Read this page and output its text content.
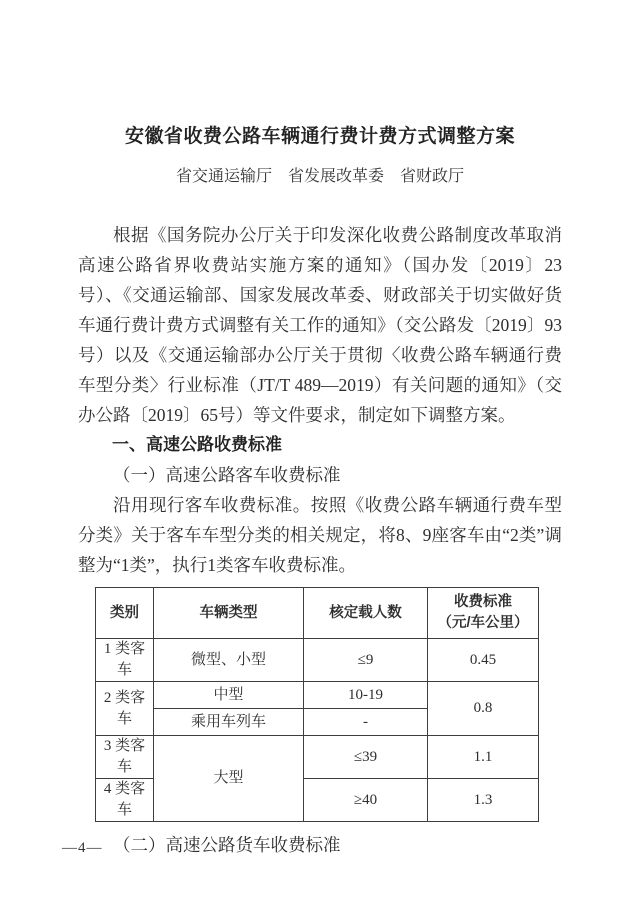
安徽省收费公路车辆通行费计费方式调整方案
省交通运输厅　省发展改革委　省财政厅

根据《国务院办公厅关于印发深化收费公路制度改革取消高速公路省界收费站实施方案的通知》（国办发〔2019〕23号）、《交通运输部、国家发展改革委、财政部关于切实做好货车通行费计费方式调整有关工作的通知》（交公路发〔2019〕93号）以及《交通运输部办公厅关于贯彻〈收费公路车辆通行费车型分类〉行业标准（JT/T 489—2019）有关问题的通知》（交办公路〔2019〕65号）等文件要求，制定如下调整方案。

一、高速公路收费标准

（一）高速公路客车收费标准

沿用现行客车收费标准。按照《收费公路车辆通行费车型分类》关于客车车型分类的相关规定，将8、9座客车由“2类”调整为“1类”，执行1类客车收费标准。

类别	车辆类型	核定载人数	收费标准
（元/车公里）

1 类客车	微型、小型	≤9	0.45
2 类客车	中型	10-19	0.8
	乘用车列车	-	
3 类客车	大型	≤39	1.1
4 类客车		≥40	1.3

（二）高速公路货车收费标准

—4—
